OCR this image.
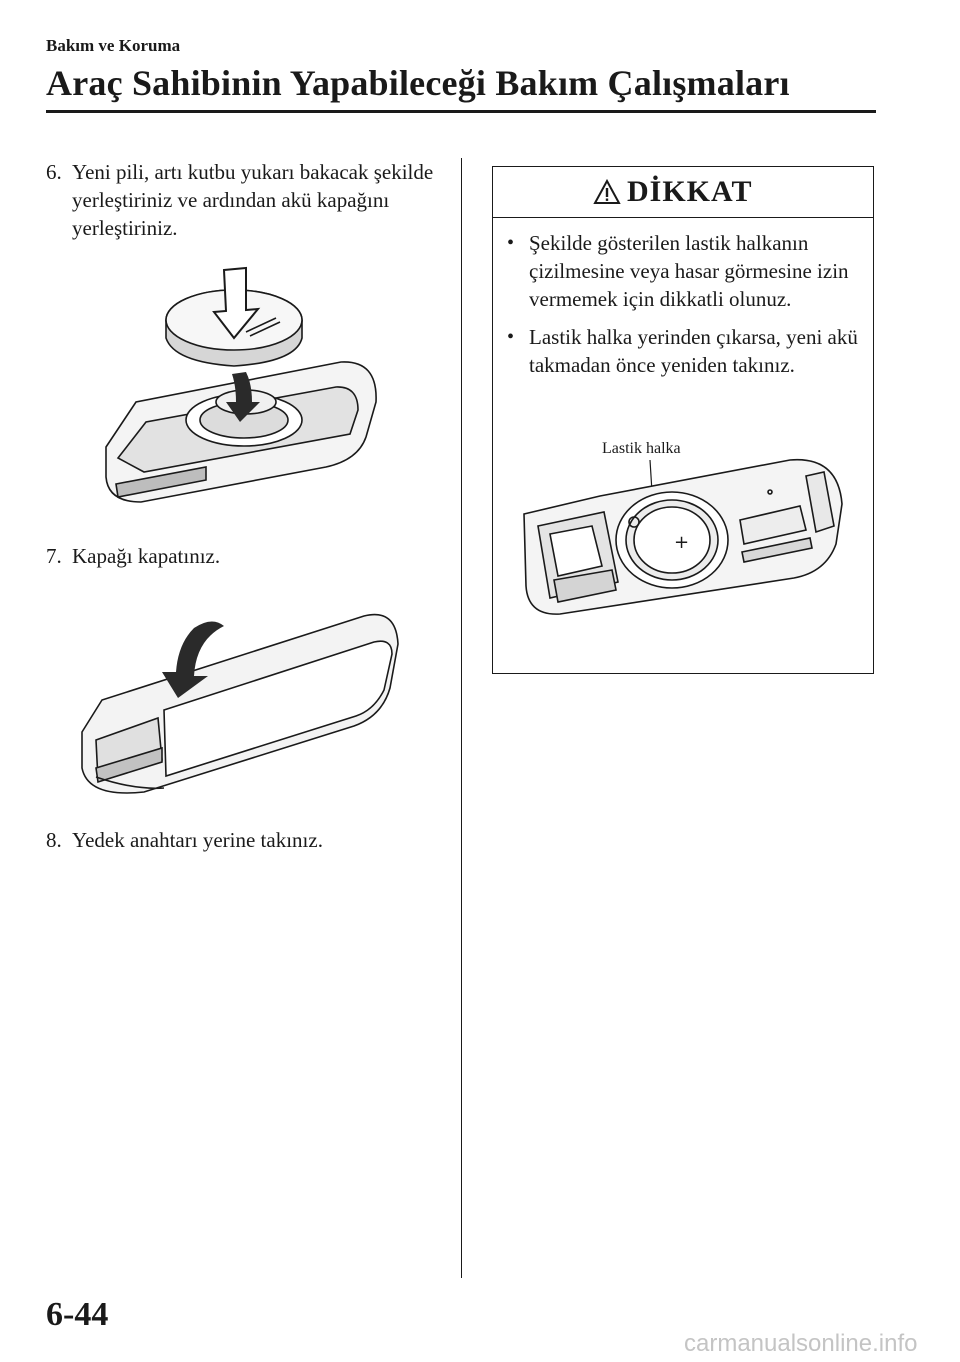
Bakım ve Koruma
Araç Sahibinin Yapabileceği Bakım Çalışmaları
6. Yeni pili, artı kutbu yukarı bakacak şekilde yerleştiriniz ve ardından akü kapağını yerleştiriniz.
7. Kapağı kapatınız.
8. Yedek anahtarı yerine takınız.
DİKKAT
• Şekilde gösterilen lastik halkanın çizilmesine veya hasar görmesine izin vermemek için dikkatli olunuz.
• Lastik halka yerinden çıkarsa, yeni akü takmadan önce yeniden takınız.
Lastik halka
+
6-44
carmanualsonline.info
